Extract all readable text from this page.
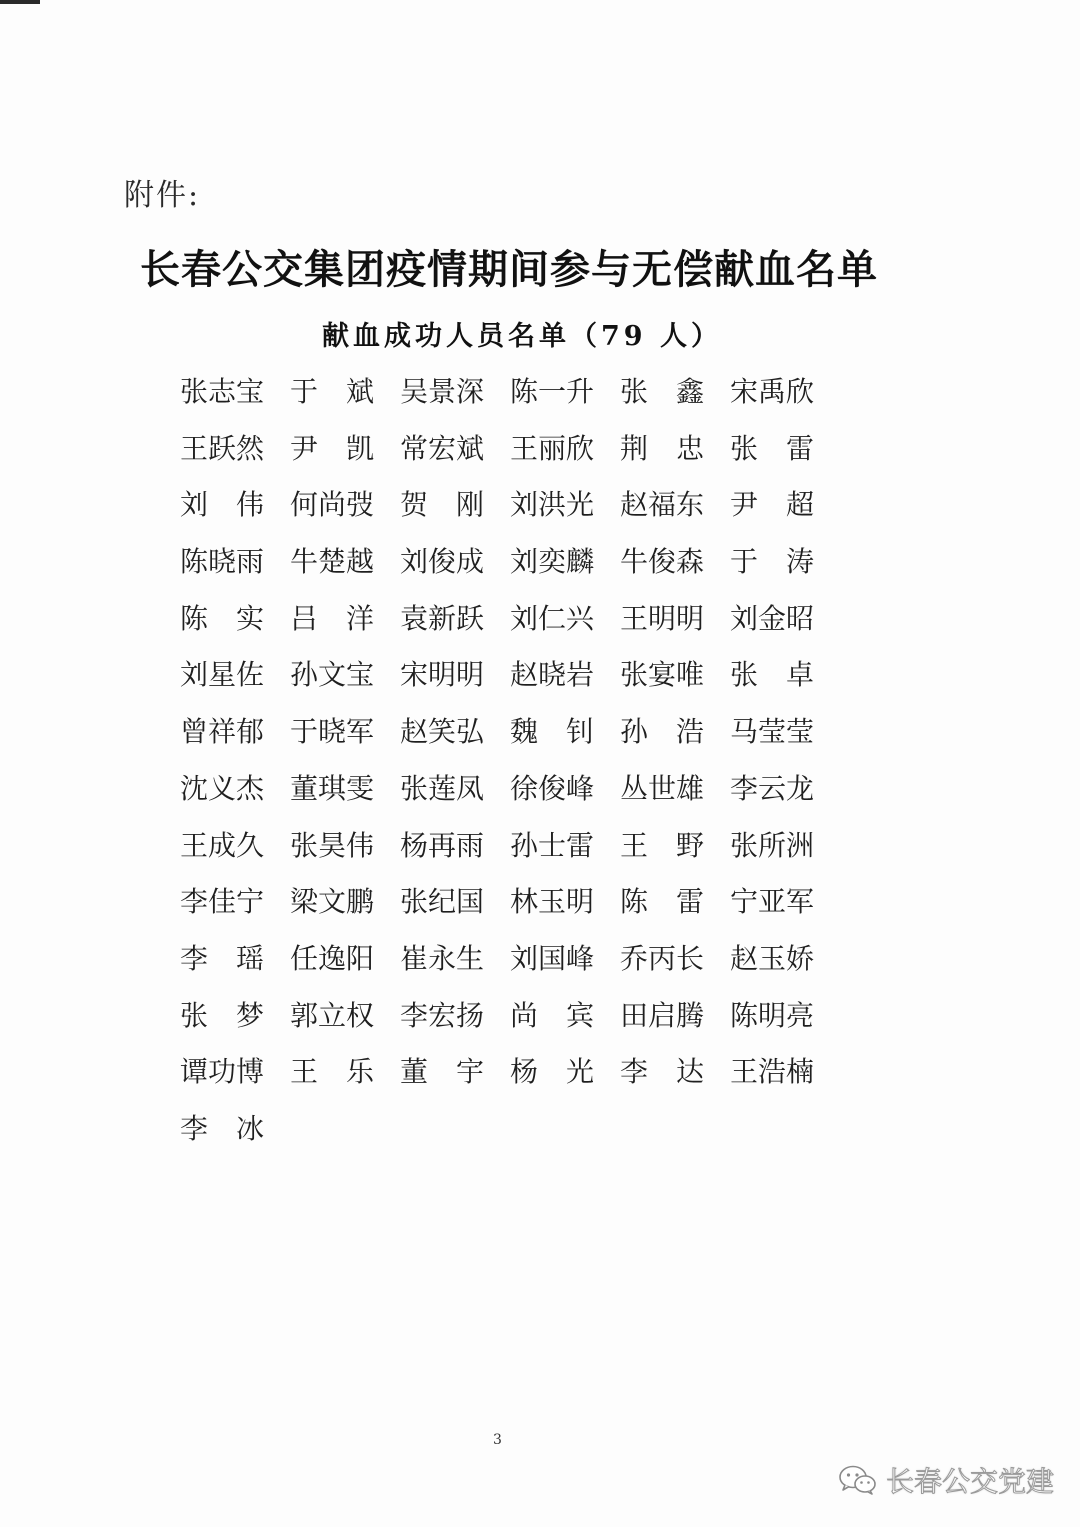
附件:
长春公交集团疫情期间参与无偿献血名单
献血成功人员名单（79 人）
张志宝 于　斌 吴景深 陈一升 张　鑫 宋禹欣
王跃然 尹　凯 常宏斌 王丽欣 荆　忠 张　雷
刘　伟 何尚弢 贺　刚 刘洪光 赵福东 尹　超
陈晓雨 牛楚越 刘俊成 刘奕麟 牛俊森 于　涛
陈　实 吕　洋 袁新跃 刘仁兴 王明明 刘金昭
刘星佐 孙文宝 宋明明 赵晓岩 张宴唯 张　卓
曾祥郁 于晓军 赵笑弘 魏　钊 孙　浩 马莹莹
沈义杰 董琪雯 张莲凤 徐俊峰 丛世雄 李云龙
王成久 张昊伟 杨再雨 孙士雷 王　野 张所洲
李佳宁 梁文鹏 张纪国 林玉明 陈　雷 宁亚军
李　瑶 任逸阳 崔永生 刘国峰 乔丙长 赵玉娇
张　梦 郭立权 李宏扬 尚　宾 田启腾 陈明亮
谭功博 王　乐 董　宇 杨　光 李　达 王浩楠
李　冰
3
长春公交党建
